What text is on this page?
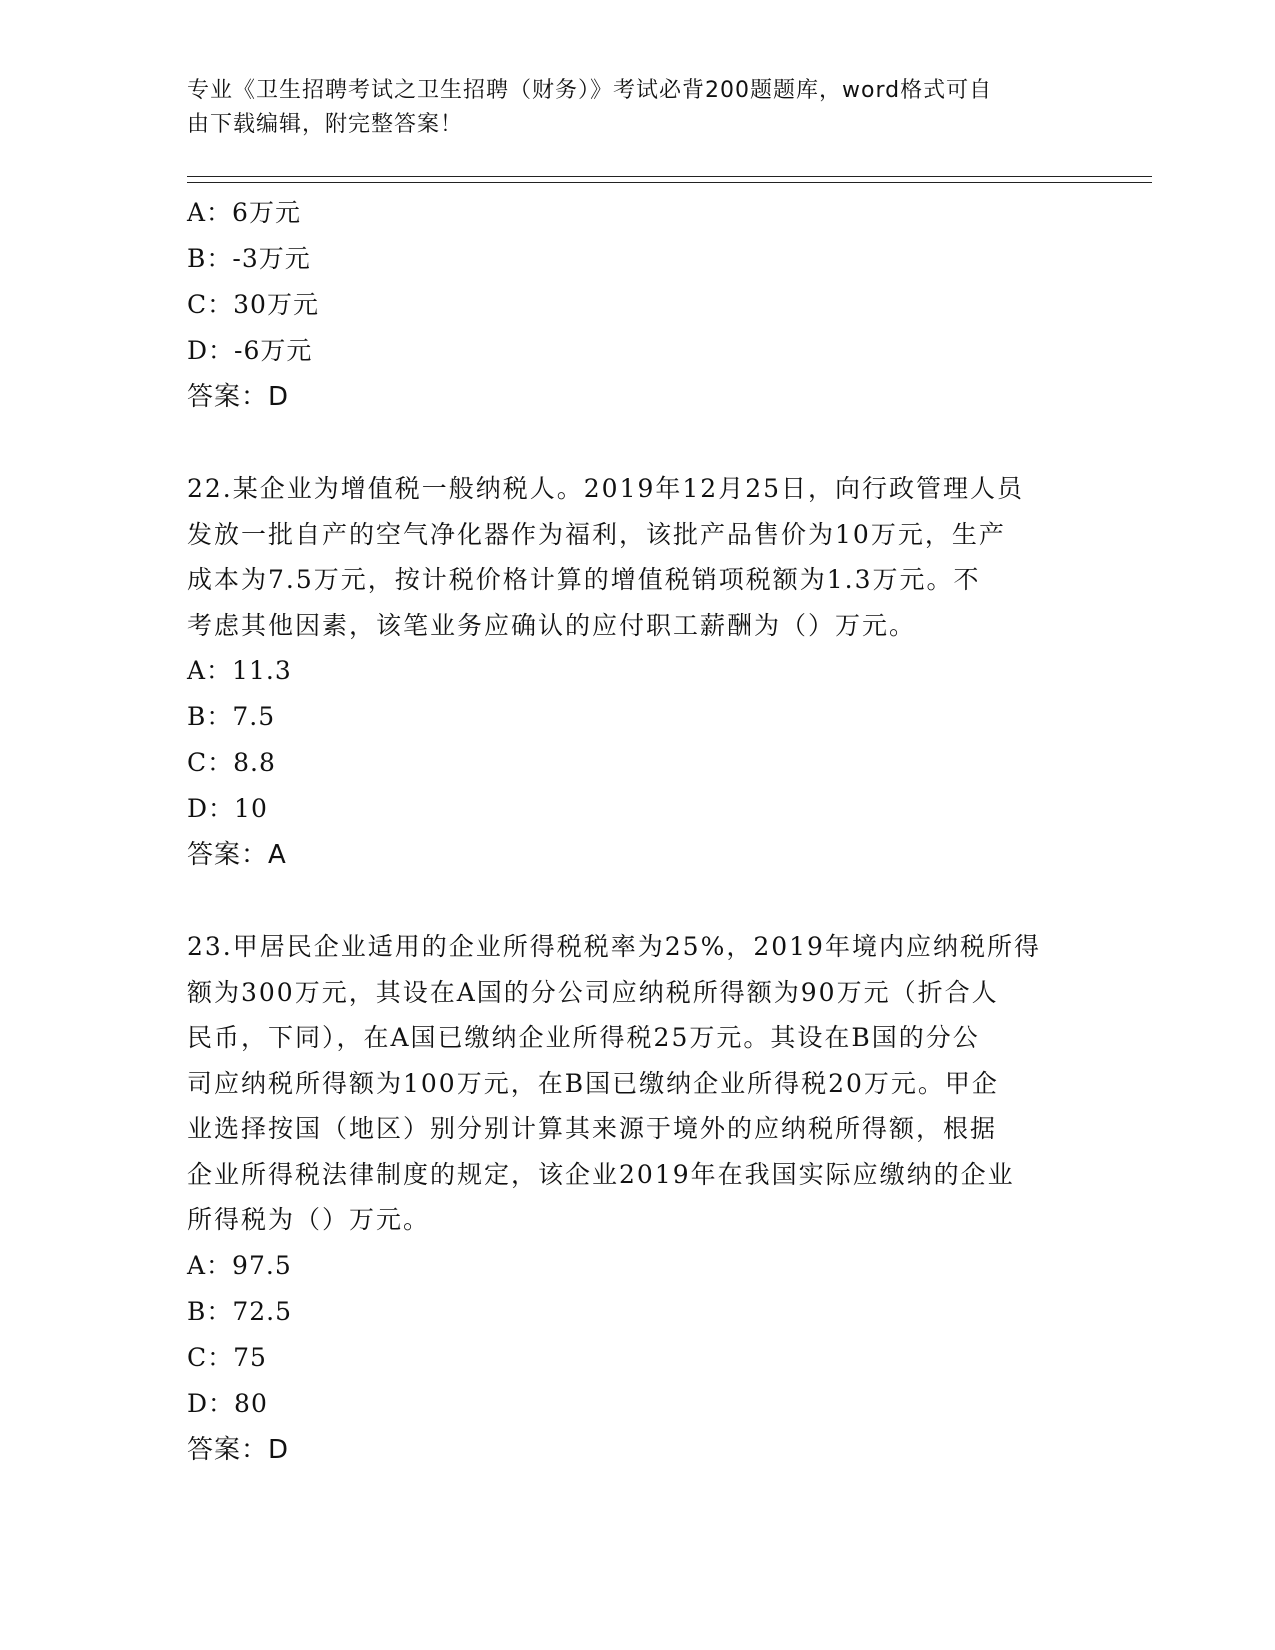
专业《卫生招聘考试之卫生招聘（财务）》考试必背200题题库，word格式可自
由下载编辑，附完整答案！
A：6万元
B：-3万元
C：30万元
D：-6万元
答案：D
22.某企业为增值税一般纳税人。2019年12月25日，向行政管理人员
发放一批自产的空气净化器作为福利，该批产品售价为10万元，生产
成本为7.5万元，按计税价格计算的增值税销项税额为1.3万元。不
考虑其他因素，该笔业务应确认的应付职工薪酬为（）万元。
A：11.3
B：7.5
C：8.8
D：10
答案：A
23.甲居民企业适用的企业所得税税率为25%，2019年境内应纳税所得
额为300万元，其设在A国的分公司应纳税所得额为90万元（折合人
民币，下同），在A国已缴纳企业所得税25万元。其设在B国的分公
司应纳税所得额为100万元，在B国已缴纳企业所得税20万元。甲企
业选择按国（地区）别分别计算其来源于境外的应纳税所得额，根据
企业所得税法律制度的规定，该企业2019年在我国实际应缴纳的企业
所得税为（）万元。
A：97.5
B：72.5
C：75
D：80
答案：D
